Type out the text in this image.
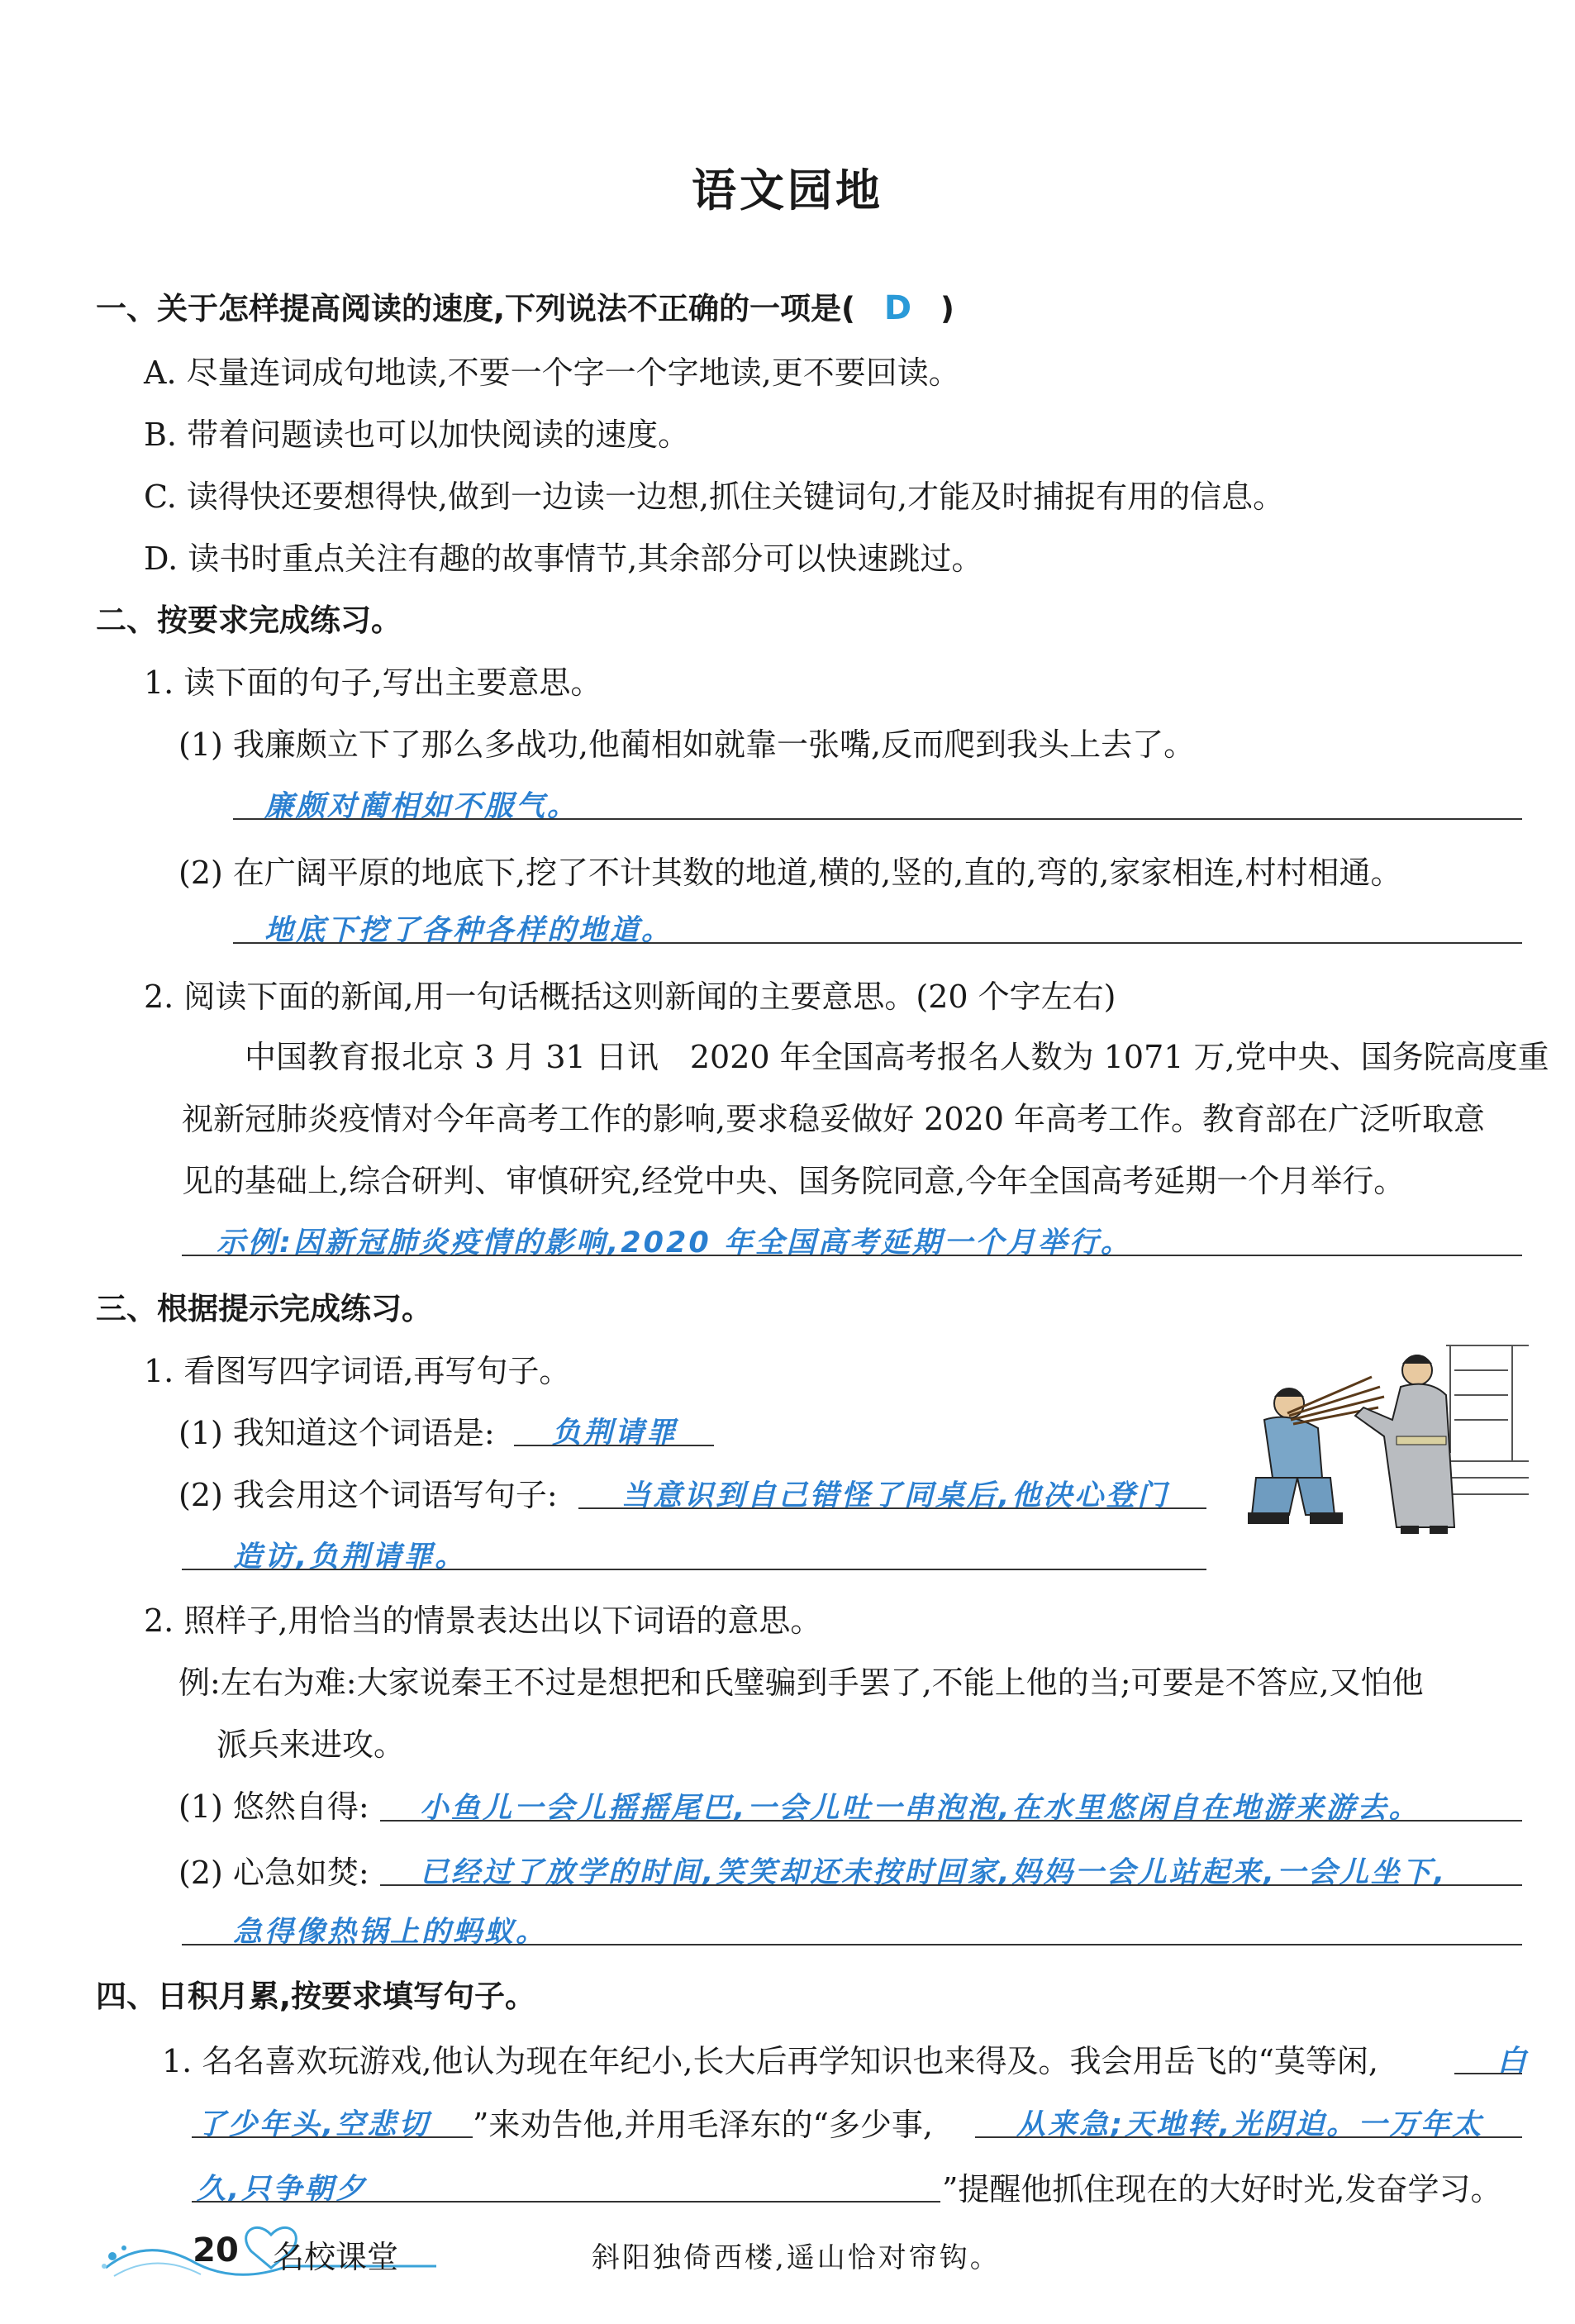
语文园地
一、关于怎样提高阅读的速度,下列说法不正确的一项是( D )
A. 尽量连词成句地读,不要一个字一个字地读,更不要回读。
B. 带着问题读也可以加快阅读的速度。
C. 读得快还要想得快,做到一边读一边想,抓住关键词句,才能及时捕捉有用的信息。
D. 读书时重点关注有趣的故事情节,其余部分可以快速跳过。
二、按要求完成练习。
1. 读下面的句子,写出主要意思。
(1) 我廉颇立下了那么多战功,他蔺相如就靠一张嘴,反而爬到我头上去了。
廉颇对蔺相如不服气。
(2) 在广阔平原的地底下,挖了不计其数的地道,横的,竖的,直的,弯的,家家相连,村村相通。
地底下挖了各种各样的地道。
2. 阅读下面的新闻,用一句话概括这则新闻的主要意思。(20 个字左右)
中国教育报北京 3 月 31 日讯　2020 年全国高考报名人数为 1071 万,党中央、国务院高度重
视新冠肺炎疫情对今年高考工作的影响,要求稳妥做好 2020 年高考工作。教育部在广泛听取意
见的基础上,综合研判、审慎研究,经党中央、国务院同意,今年全国高考延期一个月举行。
示例:因新冠肺炎疫情的影响,2020 年全国高考延期一个月举行。
三、根据提示完成练习。
1. 看图写四字词语,再写句子。
(1) 我知道这个词语是: 负荆请罪
(2) 我会用这个词语写句子: 当意识到自己错怪了同桌后,他决心登门
造访,负荆请罪。
2. 照样子,用恰当的情景表达出以下词语的意思。
例:左右为难:大家说秦王不过是想把和氏璧骗到手罢了,不能上他的当;可要是不答应,又怕他
派兵来进攻。
(1) 悠然自得: 小鱼儿一会儿摇摇尾巴,一会儿吐一串泡泡,在水里悠闲自在地游来游去。
(2) 心急如焚: 已经过了放学的时间,笑笑却还未按时回家,妈妈一会儿站起来,一会儿坐下,
急得像热锅上的蚂蚁。
四、日积月累,按要求填写句子。
1. 名名喜欢玩游戏,他认为现在年纪小,长大后再学知识也来得及。我会用岳飞的“莫等闲,	白
了少年头,空悲切 ”来劝告他,并用毛泽东的“多少事,	从来急;天地转,光阴迫。一万年太
久,只争朝夕	”提醒他抓住现在的大好时光,发奋学习。
20 名校课堂	斜阳独倚西楼,遥山恰对帘钩。
